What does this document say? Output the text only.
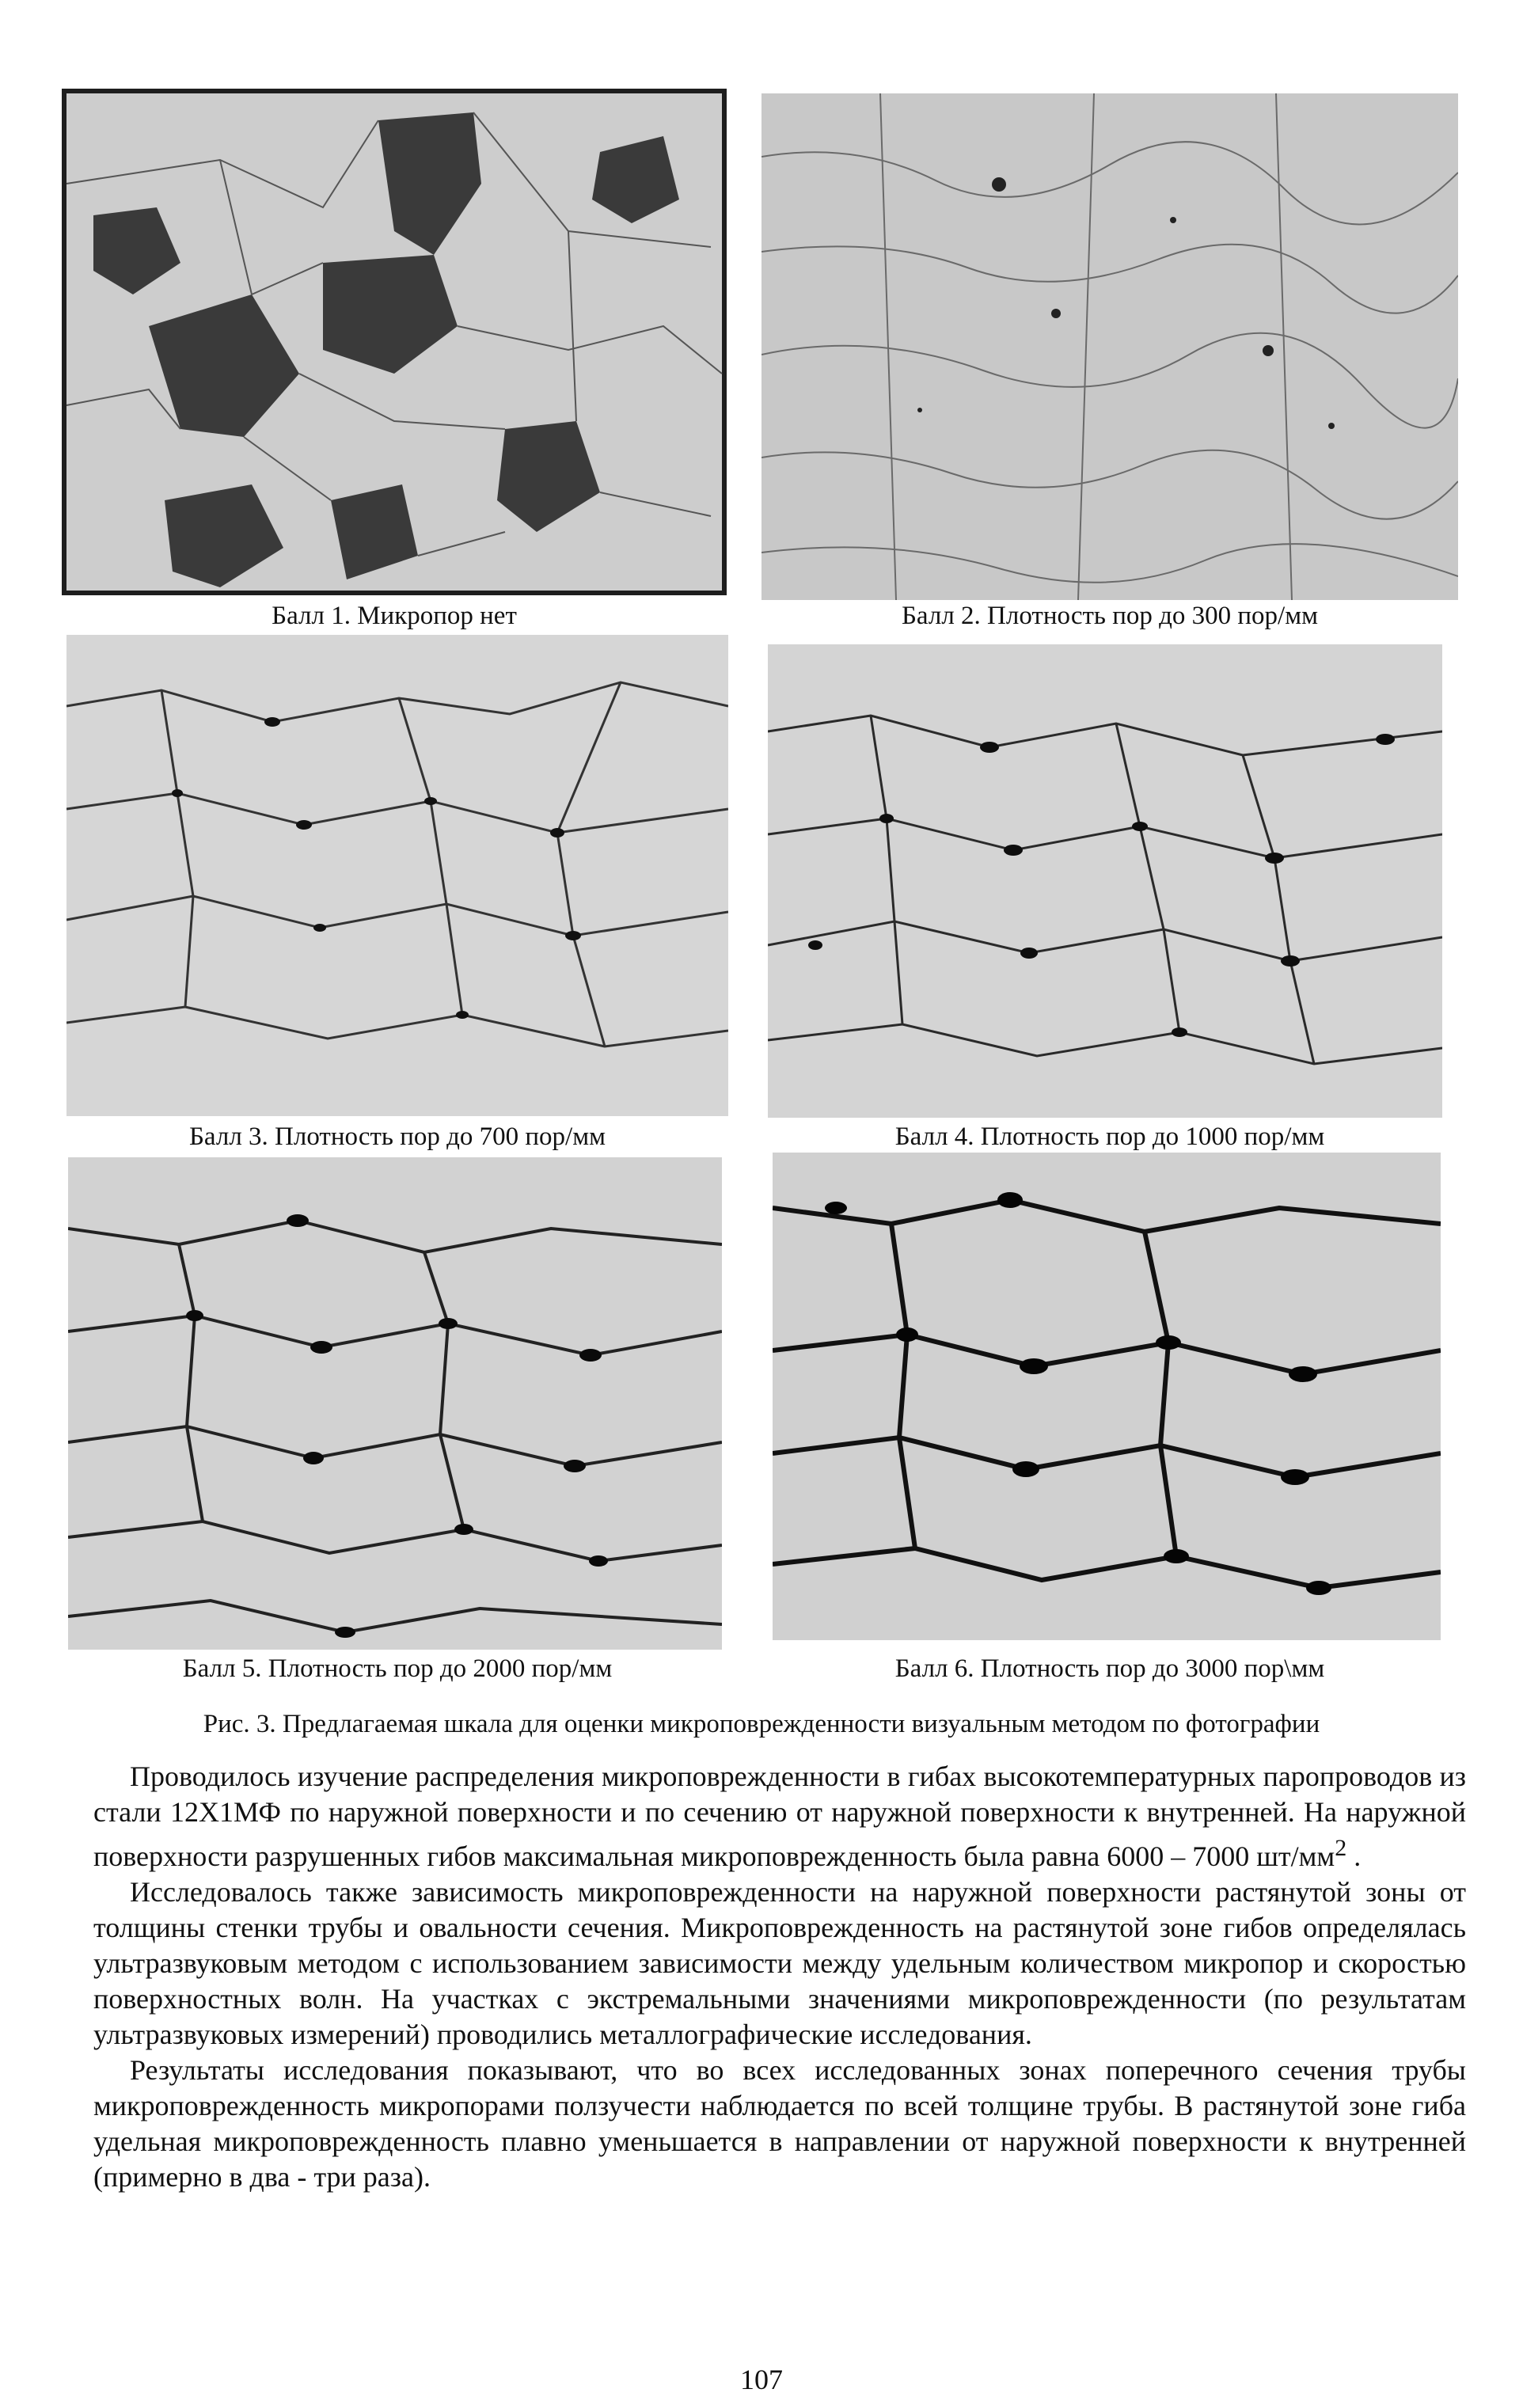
Балл 1. Микропор нет	Балл 2. Плотность пор до 300 пор/мм
Балл 3. Плотность пор до 700 пор/мм	Балл 4. Плотность пор до 1000 пор/мм
Балл 5. Плотность пор до 2000 пор/мм	Балл 6. Плотность пор до 3000 пор\мм
Рис. 3. Предлагаемая шкала для оценки микроповрежденности визуальным методом по фотографии

Проводилось изучение распределения микроповрежденности в гибах высокотемпературных паропроводов из стали 12Х1МФ по наружной поверхности и по сечению от наружной поверхности к внутренней. На наружной поверхности разрушенных гибов максимальная микроповрежденность была равна 6000 – 7000 $шт/мм^2$ .

Исследовалось также зависимость микроповрежденности на наружной поверхности растянутой зоны от толщины стенки трубы и овальности сечения. Микроповрежденность на растянутой зоне гибов определялась ультразвуковым методом с использованием зависимости между удельным количеством микропор и скоростью поверхностных волн. На участках с экстремальными значениями микроповрежденности (по результатам ультразвуковых измерений) проводились металлографические исследования.

Результаты исследования показывают, что во всех исследованных зонах поперечного сечения трубы микроповрежденность микропорами ползучести наблюдается по всей толщине трубы. В растянутой зоне гиба удельная микроповрежденность плавно уменьшается в направлении от наружной поверхности к внутренней (примерно в два - три раза).

107
